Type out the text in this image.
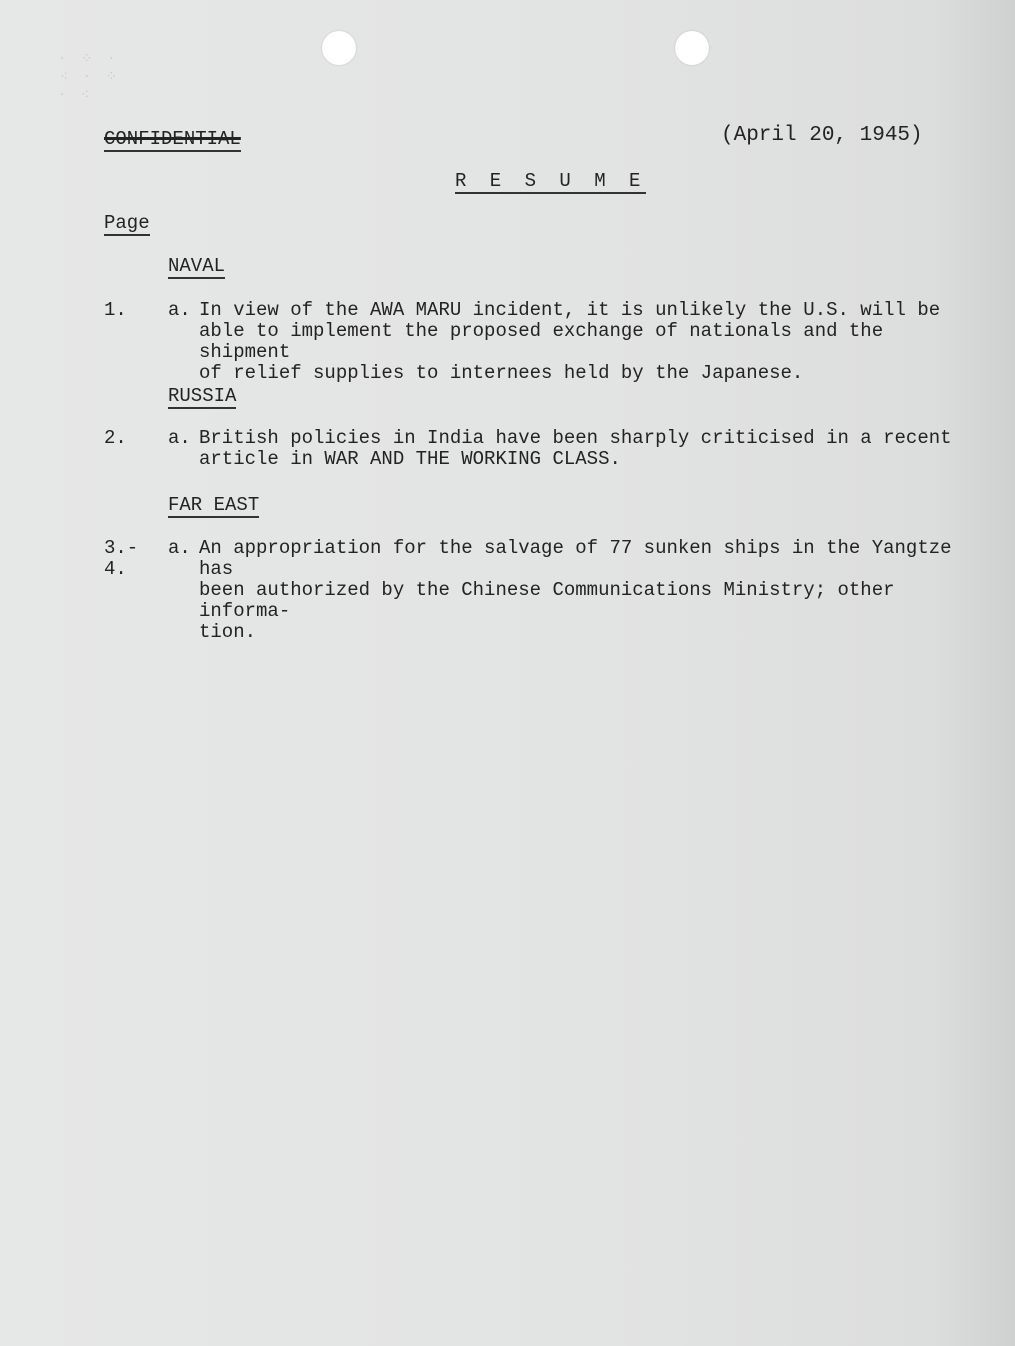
· ⁘ ·
⁖ · ⁘
· ⁖
CONFIDENTIAL	(April 20, 1945)
R E S U M E
Page
NAVAL
1. a. In view of the AWA MARU incident, it is unlikely the U.S. will be
able to implement the proposed exchange of nationals and the shipment
of relief supplies to internees held by the Japanese.
RUSSIA
2. a. British policies in India have been sharply criticised in a recent
article in WAR AND THE WORKING CLASS.
FAR EAST
3.-
4.
a. An appropriation for the salvage of 77 sunken ships in the Yangtze has
been authorized by the Chinese Communications Ministry; other informa-
tion.
